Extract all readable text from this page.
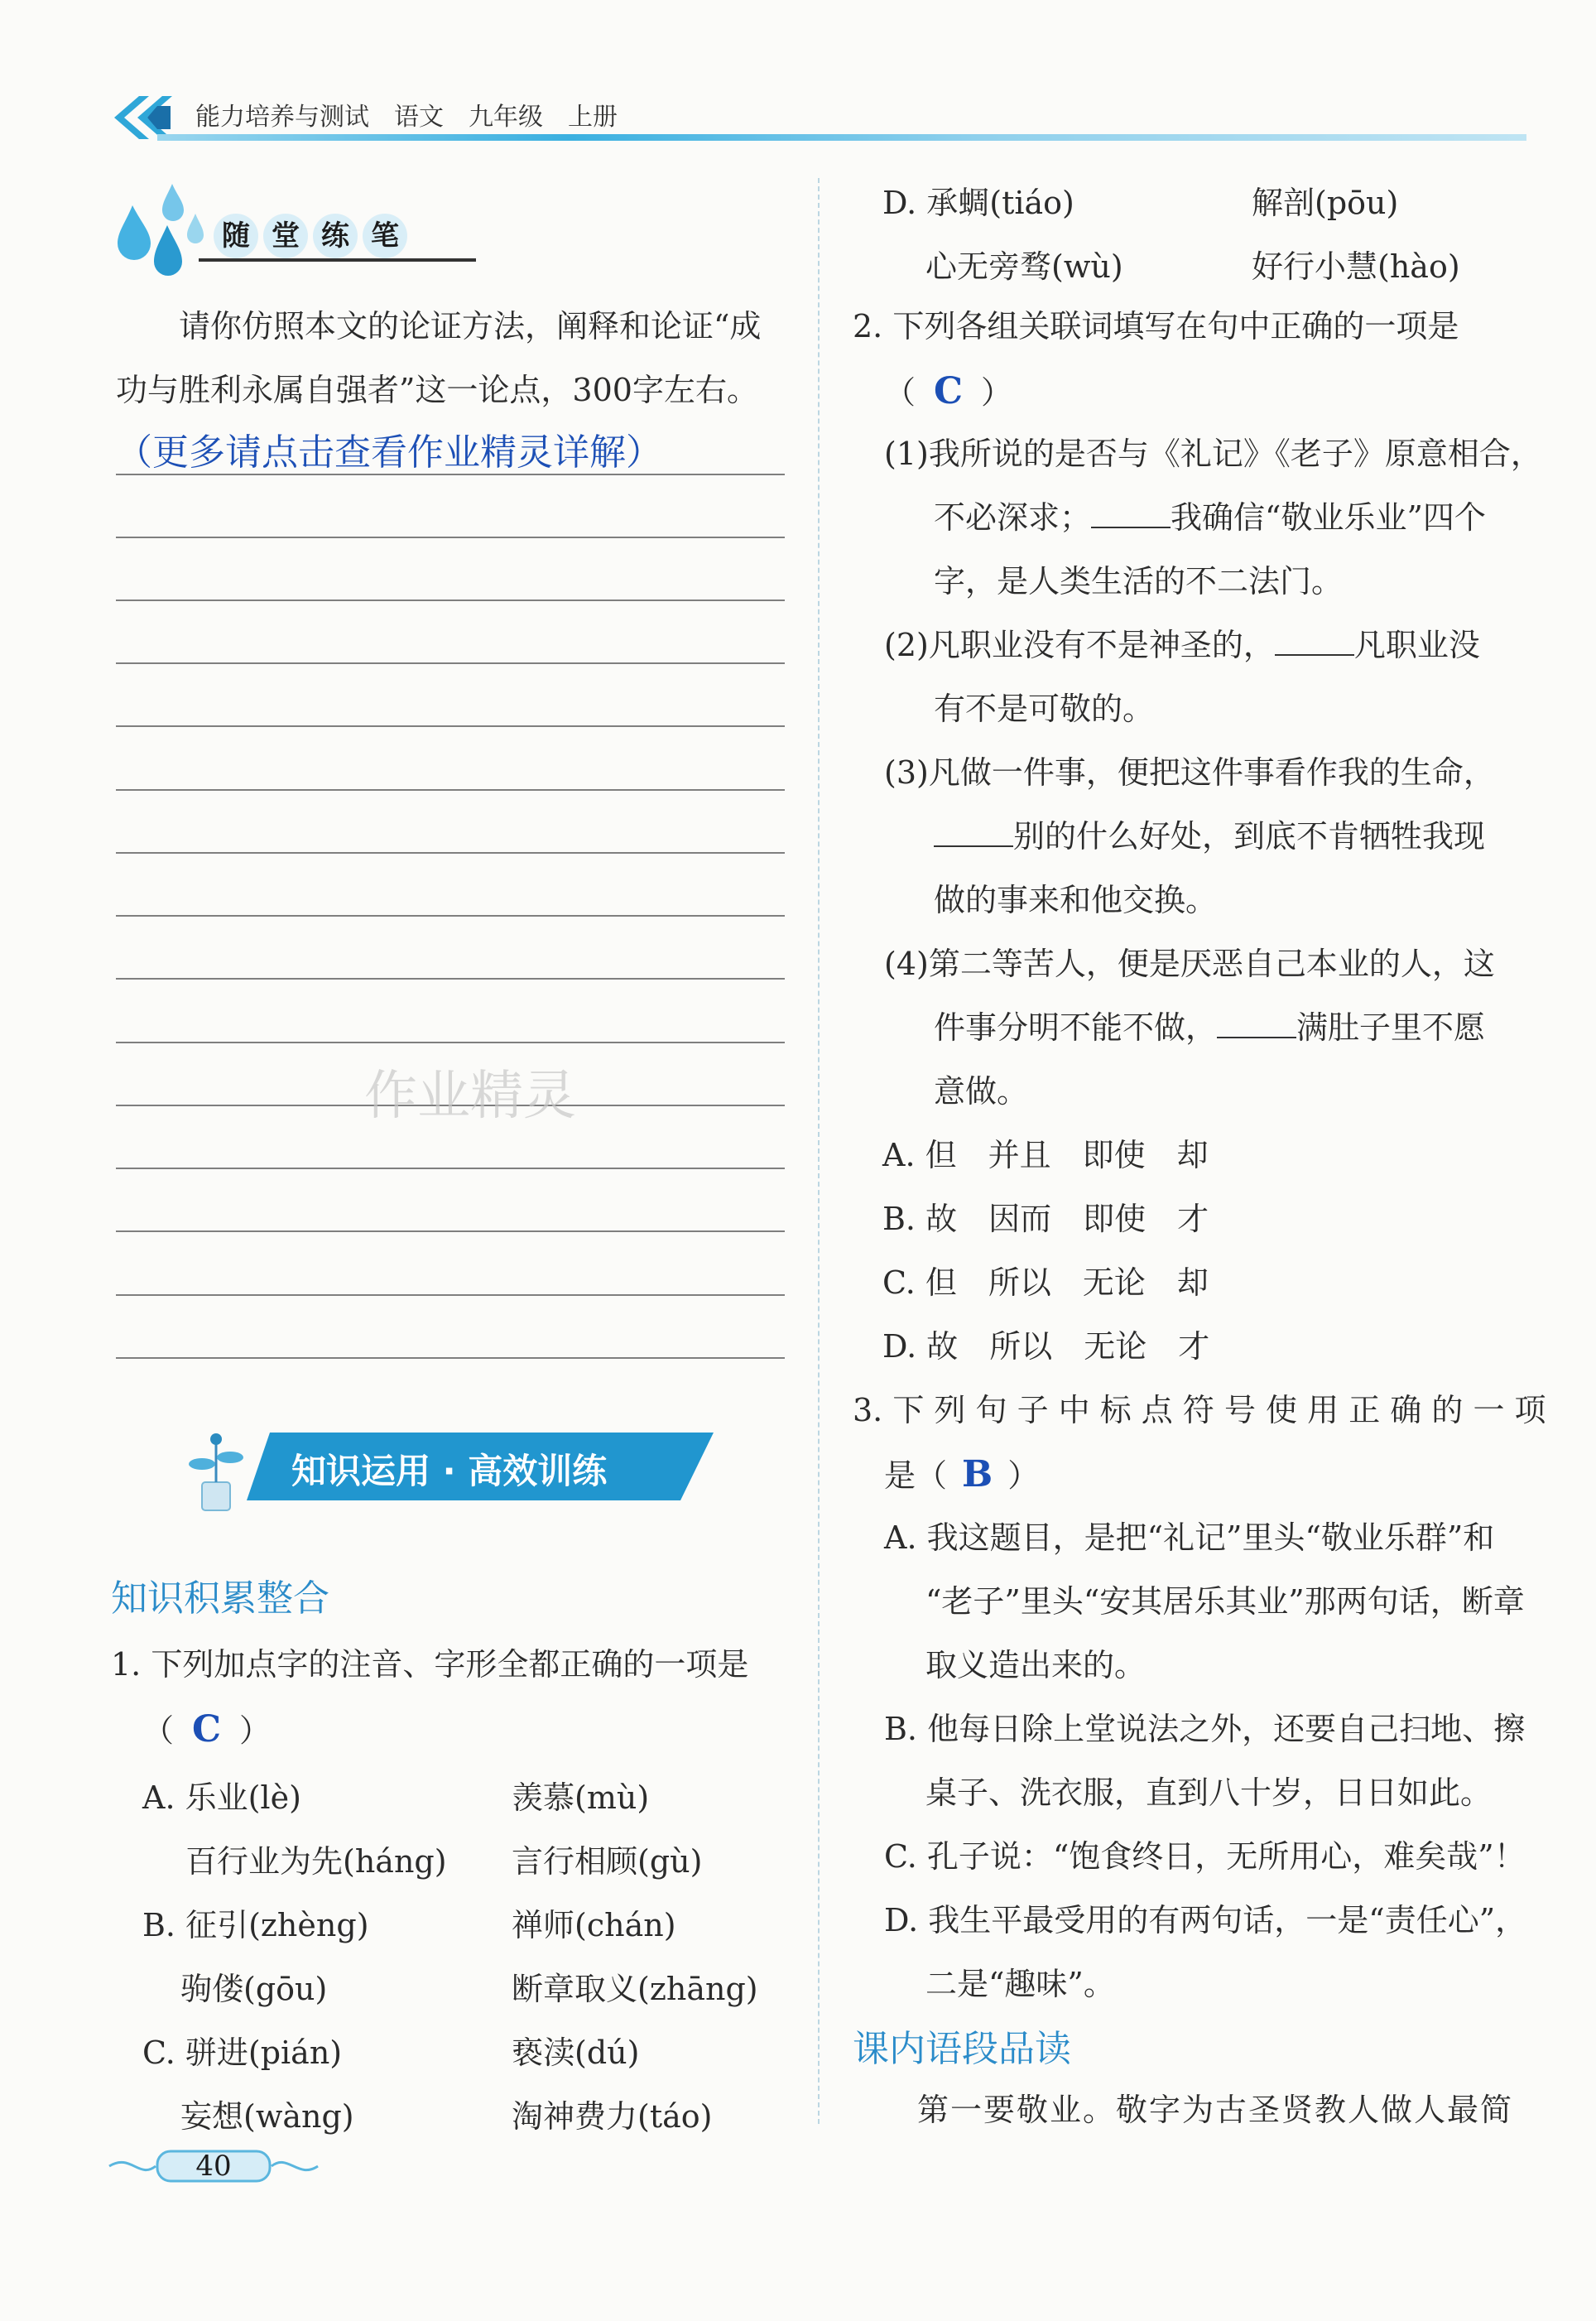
能力培养与测试 语文 九年级 上册
随 堂 练 笔
请你仿照本文的论证方法，阐释和论证“成
功与胜利永属自强者”这一论点，300字左右。
（更多请点击查看作业精灵详解）
作业精灵
知识运用 · 高效训练
知识积累整合
1. 下列加点字的注音、字形全都正确的一项是
（ C ）
A. 乐业(lè)	羡慕(mù)
百行业为先(háng) 言行相顾(gù)
B. 征引(zhèng)	禅师(chán)
驹偻(gōu)	断章取义(zhāng)
C. 骈进(pián)	亵渎(dú)
妄想(wàng)	淘神费力(táo)
40
D. 承蜩(tiáo)	解剖(pōu)
心无旁骛(wù)	好行小慧(hào)
2. 下列各组关联词填写在句中正确的一项是
（ C ）
(1)我所说的是否与《礼记》《老子》原意相合，
不必深求；	我确信“敬业乐业”四个
字，是人类生活的不二法门。
(2)凡职业没有不是神圣的，	凡职业没
有不是可敬的。
(3)凡做一件事，便把这件事看作我的生命，
别的什么好处，到底不肯牺牲我现
做的事来和他交换。
(4)第二等苦人，便是厌恶自己本业的人，这
件事分明不能不做，	满肚子里不愿
意做。
A. 但　并且　即使　却
B. 故　因而　即使　才
C. 但　所以　无论　却
D. 故　所以　无论　才
3. 下 列 句 子 中 标 点 符 号 使 用 正 确 的 一 项
是（ B ）
A. 我这题目，是把“礼记”里头“敬业乐群”和
“老子”里头“安其居乐其业”那两句话，断章
取义造出来的。
B. 他每日除上堂说法之外，还要自己扫地、擦
桌子、洗衣服，直到八十岁，日日如此。
C. 孔子说：“饱食终日，无所用心，难矣哉”！
D. 我生平最受用的有两句话，一是“责任心”，
二是“趣味”。
课内语段品读
第一要敬业。敬字为古圣贤教人做人最简
